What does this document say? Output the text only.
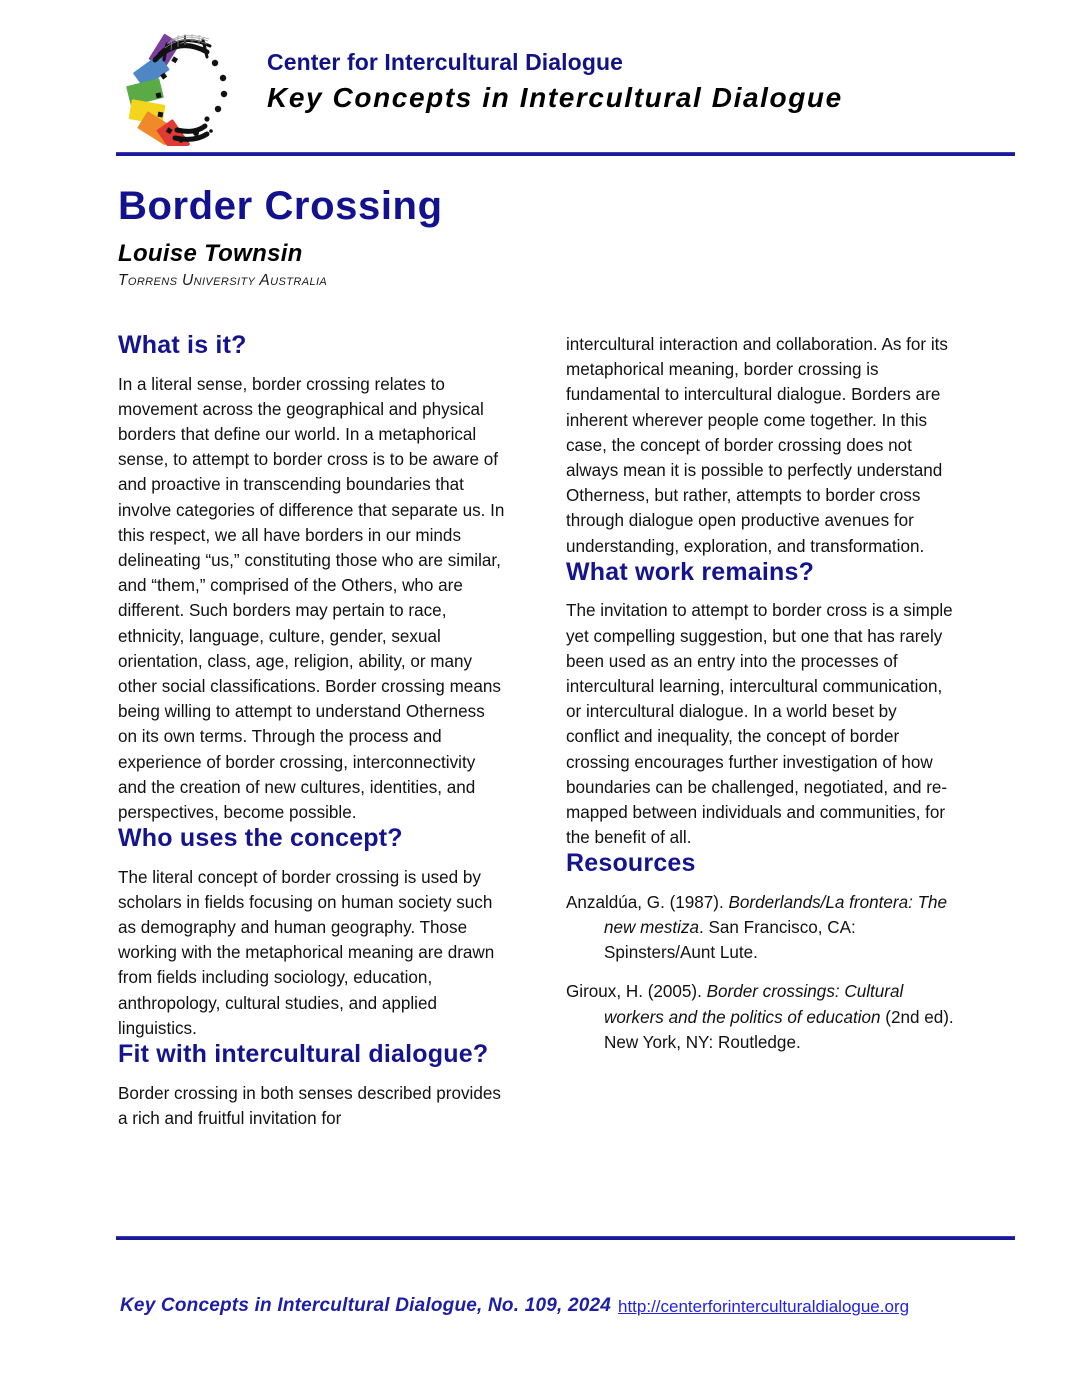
Center for Intercultural Dialogue
Key Concepts in Intercultural Dialogue
Border Crossing
Louise Townsin
Torrens University Australia
What is it?

In a literal sense, border crossing relates to movement across the geographical and physical borders that define our world. In a metaphorical sense, to attempt to border cross is to be aware of and proactive in transcending boundaries that involve categories of difference that separate us. In this respect, we all have borders in our minds delineating “us,” constituting those who are similar, and “them,” comprised of the Others, who are different. Such borders may pertain to race, ethnicity, language, culture, gender, sexual orientation, class, age, religion, ability, or many other social classifications. Border crossing means being willing to attempt to understand Otherness on its own terms. Through the process and experience of border crossing, interconnectivity and the creation of new cultures, identities, and perspectives, become possible.

Who uses the concept?

The literal concept of border crossing is used by scholars in fields focusing on human society such as demography and human geography. Those working with the metaphorical meaning are drawn from fields including sociology, education, anthropology, cultural studies, and applied linguistics.

Fit with intercultural dialogue?

Border crossing in both senses described provides a rich and fruitful invitation for

intercultural interaction and collaboration. As for its metaphorical meaning, border crossing is fundamental to intercultural dialogue. Borders are inherent wherever people come together. In this case, the concept of border crossing does not always mean it is possible to perfectly understand Otherness, but rather, attempts to border cross through dialogue open productive avenues for understanding, exploration, and transformation.

What work remains?

The invitation to attempt to border cross is a simple yet compelling suggestion, but one that has rarely been used as an entry into the processes of intercultural learning, intercultural communication, or intercultural dialogue. In a world beset by conflict and inequality, the concept of border crossing encourages further investigation of how boundaries can be challenged, negotiated, and re-mapped between individuals and communities, for the benefit of all.

Resources

Anzaldúa, G. (1987). Borderlands/La frontera: The new mestiza. San Francisco, CA: Spinsters/Aunt Lute.

Giroux, H. (2005). Border crossings: Cultural workers and the politics of education (2nd ed). New York, NY: Routledge.

Key Concepts in Intercultural Dialogue, No. 109, 2024 http://centerforinterculturaldialogue.org
